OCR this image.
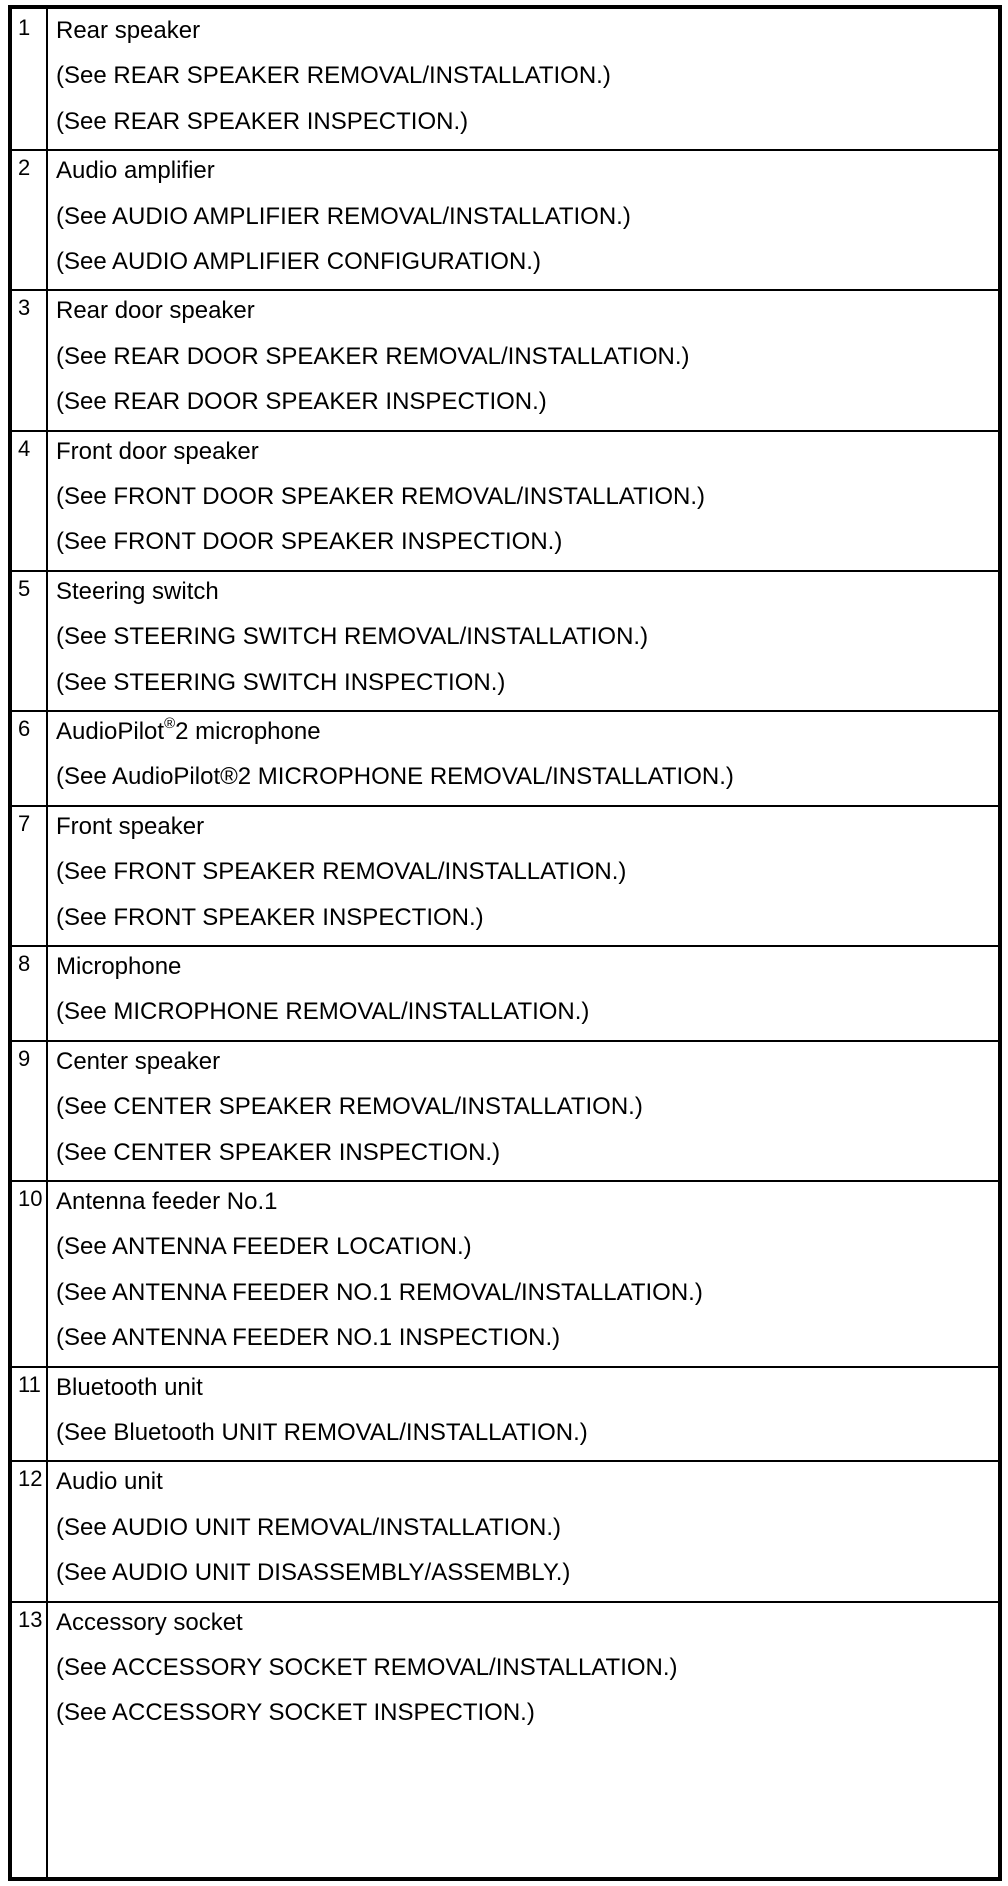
1 Rear speaker
(See REAR SPEAKER REMOVAL/INSTALLATION.)
(See REAR SPEAKER INSPECTION.)
2 Audio amplifier
(See AUDIO AMPLIFIER REMOVAL/INSTALLATION.)
(See AUDIO AMPLIFIER CONFIGURATION.)
3 Rear door speaker
(See REAR DOOR SPEAKER REMOVAL/INSTALLATION.)
(See REAR DOOR SPEAKER INSPECTION.)
4 Front door speaker
(See FRONT DOOR SPEAKER REMOVAL/INSTALLATION.)
(See FRONT DOOR SPEAKER INSPECTION.)
5 Steering switch
(See STEERING SWITCH REMOVAL/INSTALLATION.)
(See STEERING SWITCH INSPECTION.)
6 AudioPilot®2 microphone
(See AudioPilot®2 MICROPHONE REMOVAL/INSTALLATION.)
7 Front speaker
(See FRONT SPEAKER REMOVAL/INSTALLATION.)
(See FRONT SPEAKER INSPECTION.)
8 Microphone
(See MICROPHONE REMOVAL/INSTALLATION.)
9 Center speaker
(See CENTER SPEAKER REMOVAL/INSTALLATION.)
(See CENTER SPEAKER INSPECTION.)
10 Antenna feeder No.1
(See ANTENNA FEEDER LOCATION.)
(See ANTENNA FEEDER NO.1 REMOVAL/INSTALLATION.)
(See ANTENNA FEEDER NO.1 INSPECTION.)
11 Bluetooth unit
(See Bluetooth UNIT REMOVAL/INSTALLATION.)
12 Audio unit
(See AUDIO UNIT REMOVAL/INSTALLATION.)
(See AUDIO UNIT DISASSEMBLY/ASSEMBLY.)
13 Accessory socket
(See ACCESSORY SOCKET REMOVAL/INSTALLATION.)
(See ACCESSORY SOCKET INSPECTION.)
